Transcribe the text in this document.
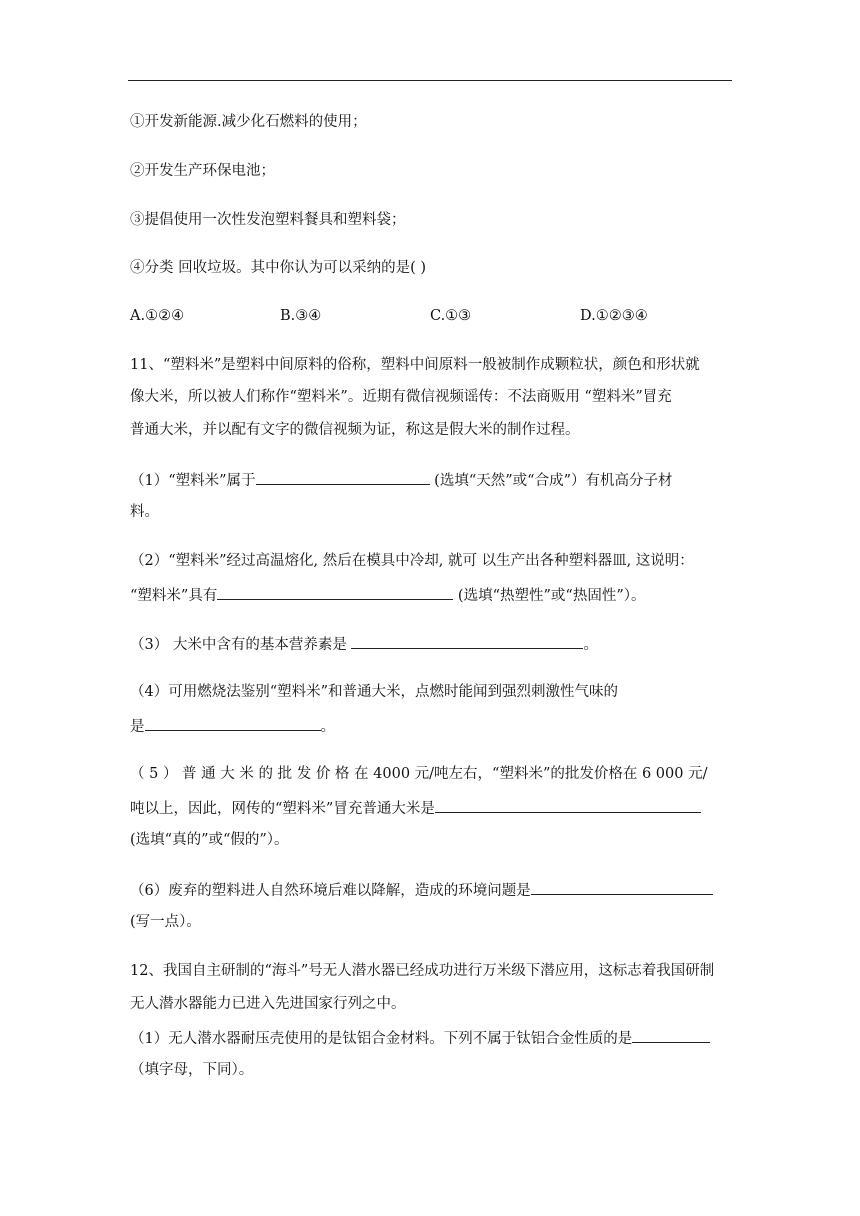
①开发新能源.减少化石燃料的使用；
②开发生产环保电池；
③提倡使用一次性发泡塑料餐具和塑料袋；
④分类 回收垃圾。其中你认为可以采纳的是( )
A.①②④	B.③④	C.①③	D.①②③④
11、“塑料米”是塑料中间原料的俗称，塑料中间原料一般被制作成颗粒状，颜色和形状就
像大米，所以被人们称作“塑料米”。近期有微信视频谣传：不法商贩用 “塑料米”冒充
普通大米，并以配有文字的微信视频为证，称这是假大米的制作过程。
（1）“塑料米”属于	(选填“天然”或“合成”）有机高分子材
料。
（2）“塑料米”经过高温熔化, 然后在模具中冷却, 就可 以生产出各种塑料器皿, 这说明：
“塑料米”具有	(选填“热塑性”或“热固性”）。
（3） 大米中含有的基本营养素是	。
（4）可用燃烧法鉴别“塑料米”和普通大米，点燃时能闻到强烈刺激性气味的
是	。
（ 5 ） 普 通 大 米 的 批 发 价 格 在 4000 元/吨左右，“塑料米”的批发价格在 6 000 元/
吨以上，因此，网传的“塑料米”冒充普通大米是
(选填“真的”或“假的”）。
（6）废弃的塑料进人自然环境后难以降解，造成的环境问题是
(写一点）。
12、我国自主研制的“海斗”号无人潜水器已经成功进行万米级下潜应用，这标志着我国研制
无人潜水器能力已进入先进国家行列之中。
（1）无人潜水器耐压壳使用的是钛铝合金材料。下列不属于钛铝合金性质的是
（填字母，下同）。
